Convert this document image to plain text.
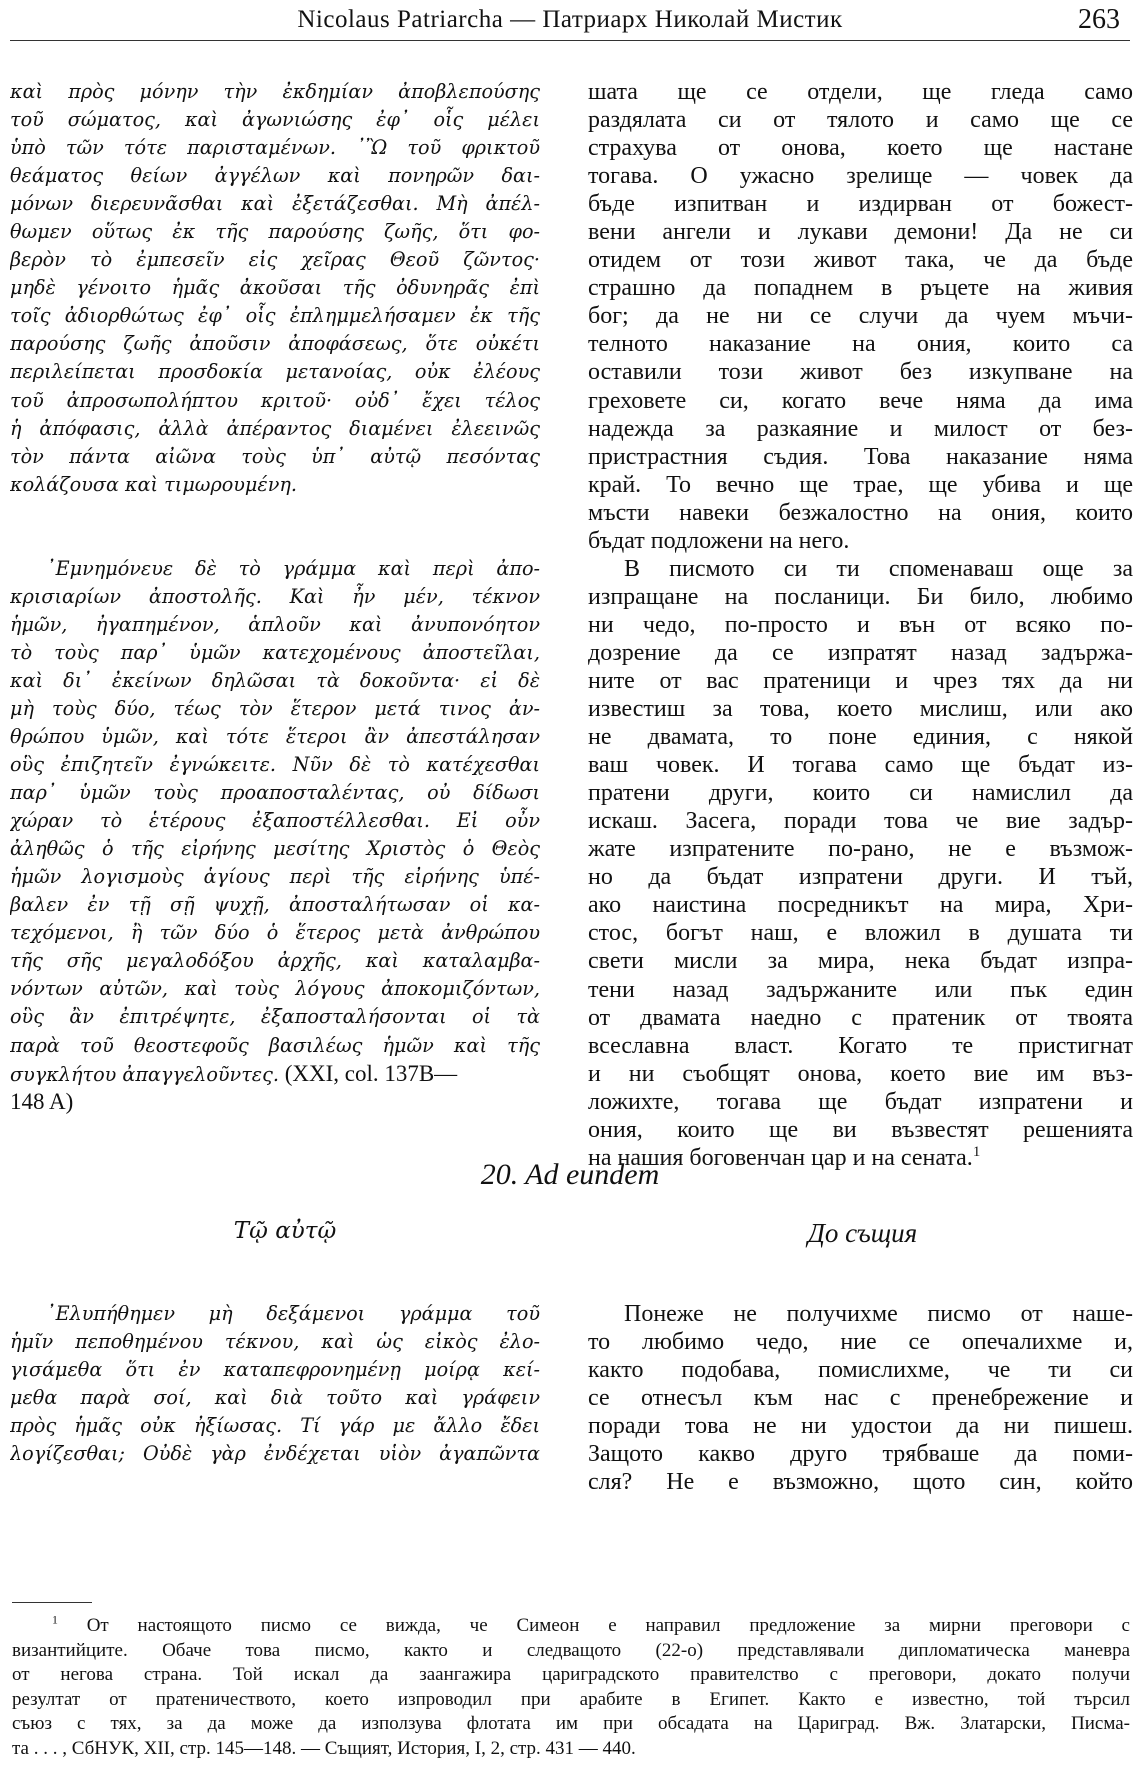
Nicolaus Patriarcha — Патриарх Николай Мистик	263
καὶ πρὸς μόνην τὴν ἐκδημίαν ἀποβλεπούσης
τοῦ σώματος, καὶ ἀγωνιώσης ἐφ᾽ οἷς μέλει
ὑπὸ τῶν τότε παρισταμένων. ᾿Ὢ τοῦ φρικτοῦ
θεάματος θείων ἀγγέλων καὶ πονηρῶν δαι-
μόνων διερευνᾶσθαι καὶ ἐξετάζεσθαι. Μὴ ἀπέλ-
θωμεν οὕτως ἐκ τῆς παρούσης ζωῆς, ὅτι φο-
βερὸν τὸ ἐμπεσεῖν εἰς χεῖρας Θεοῦ ζῶντος·
μηδὲ γένοιτο ἡμᾶς ἀκοῦσαι τῆς ὀδυνηρᾶς ἐπὶ
τοῖς ἀδιορθώτως ἐφ᾽ οἷς ἐπλημμελήσαμεν ἐκ τῆς
παρούσης ζωῆς ἀποῦσιν ἀποφάσεως, ὅτε οὐκέτι
περιλείπεται προσδοκία μετανοίας, οὐκ ἐλέους
τοῦ ἀπροσωπολήπτου κριτοῦ· οὐδ᾽ ἔχει τέλος
ἡ ἀπόφασις, ἀλλὰ ἀπέραντος διαμένει ἐλεεινῶς
τὸν πάντα αἰῶνα τοὺς ὑπ᾽ αὐτῷ πεσόντας
κολάζουσα καὶ τιμωρουμένη.
᾿Εμνημόνευε δὲ τὸ γράμμα καὶ περὶ ἀπο-
κρισιαρίων ἀποστολῆς. Καὶ ἦν μέν, τέκνον
ἡμῶν, ἠγαπημένον, ἁπλοῦν καὶ ἀνυπονόητον
τὸ τοὺς παρ᾽ ὑμῶν κατεχομένους ἀποστεῖλαι,
καὶ δι᾽ ἐκείνων δηλῶσαι τὰ δοκοῦντα· εἰ δὲ
μὴ τοὺς δύο, τέως τὸν ἕτερον μετά τινος ἀν-
θρώπου ὑμῶν, καὶ τότε ἕτεροι ἂν ἀπεστάλησαν
οὓς ἐπιζητεῖν ἐγνώκειτε. Νῦν δὲ τὸ κατέχεσθαι
παρ᾽ ὑμῶν τοὺς προαποσταλέντας, οὐ δίδωσι
χώραν τὸ ἑτέρους ἐξαποστέλλεσθαι. Εἰ οὖν
ἀληθῶς ὁ τῆς εἰρήνης μεσίτης Χριστὸς ὁ Θεὸς
ἡμῶν λογισμοὺς ἁγίους περὶ τῆς εἰρήνης ὑπέ-
βαλεν ἐν τῇ σῇ ψυχῇ, ἀποσταλήτωσαν οἱ κα-
τεχόμενοι, ἢ τῶν δύο ὁ ἕτερος μετὰ ἀνθρώπου
τῆς σῆς μεγαλοδόξου ἀρχῆς, καὶ καταλαμβα-
νόντων αὐτῶν, καὶ τοὺς λόγους ἀποκομιζόντων,
οὓς ἂν ἐπιτρέψητε, ἐξαποσταλήσονται οἱ τὰ
παρὰ τοῦ θεοστεφοῦς βασιλέως ἡμῶν καὶ τῆς
συγκλήτου ἀπαγγελοῦντες. (XXI, col. 137B—
148 A)
шата ще се отдели, ще гледа само
раздялата си от тялото и само ще се
страхува от онова, което ще настане
тогава. О ужасно зрелище — човек да
бъде изпитван и издирван от божест-
вени ангели и лукави демони! Да не си
отидем от този живот така, че да бъде
страшно да попаднем в ръцете на живия
бог; да не ни се случи да чуем мъчи-
телното наказание на ония, които са
оставили този живот без изкупване на
греховете си, когато вече няма да има
надежда за разкаяние и милост от без-
пристрастния съдия. Това наказание няма
край. То вечно ще трае, ще убива и ще
мъсти навеки безжалостно на ония, които
бъдат подложени на него.
В писмото си ти споменаваш още за
изпращане на посланици. Би било, любимо
ни чедо, по-просто и вън от всяко по-
дозрение да се изпратят назад задържа-
ните от вас пратеници и чрез тях да ни
известиш за това, което мислиш, или ако
не двамата, то поне единия, с някой
ваш човек. И тогава само ще бъдат из-
пратени други, които си намислил да
искаш. Засега, поради това че вие задър-
жате изпратените по-рано, не е възмож-
но да бъдат изпратени други. И тъй,
ако наистина посредникът на мира, Хри-
стос, богът наш, е вложил в душата ти
свети мисли за мира, нека бъдат изпра-
тени назад задържаните или пък един
от двамата наедно с пратеник от твоята
всеславна власт. Когато те пристигнат
и ни съобщят онова, което вие им въз-
ложихте, тогава ще бъдат изпратени и
ония, които ще ви възвестят решенията
на нашия боговенчан цар и на сената.$^1$
20. Ad eundem
Τῷ αὐτῷ	До същия
᾿Ελυπήθημεν μὴ δεξάμενοι γράμμα τοῦ
ἡμῖν πεποθημένου τέκνου, καὶ ὡς εἰκὸς ἐλο-
γισάμεθα ὅτι ἐν καταπεφρονημένῃ μοίρᾳ κεί-
μεθα παρὰ σοί, καὶ διὰ τοῦτο καὶ γράφειν
πρὸς ἡμᾶς οὐκ ἠξίωσας. Τί γάρ με ἄλλο ἔδει
λογίζεσθαι; Οὐδὲ γὰρ ἐνδέχεται υἱὸν ἀγαπῶντα
Понеже не получихме писмо от наше-
то любимо чедо, ние се опечалихме и,
както подобава, помислихме, че ти си
се отнесъл към нас с пренебрежение и
поради това не ни удостои да ни пишеш.
Защото какво друго трябваше да поми-
сля? Не е възможно, щото син, който
$^1$ От настоящото писмо се вижда, че Симеон е направил предложение за мирни преговори с
византийците. Обаче това писмо, както и следващото (22-о) представлявали дипломатическа маневра
от негова страна. Той искал да заангажира цариградското правителство с преговори, докато получи
резултат от пратеничеството, което изпроводил при арабите в Египет. Както е известно, той търсил
съюз с тях, за да може да използува флотата им при обсадата на Цариград. Вж. Златарски, Писма-
та . . . , СбНУК, XII, стр. 145—148. — Същият, История, I, 2, стр. 431 — 440.
